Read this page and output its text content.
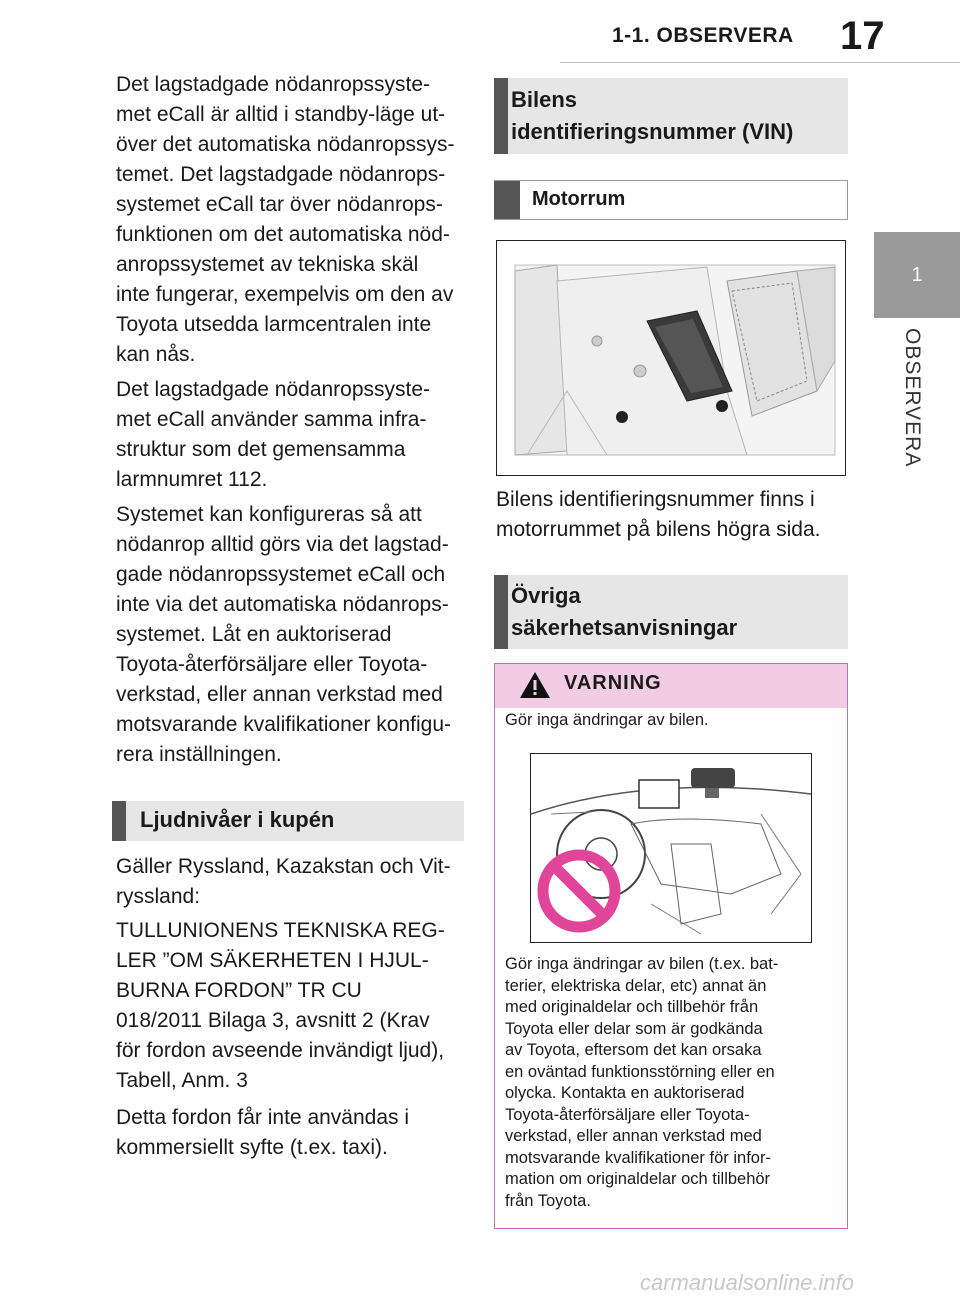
1-1. OBSERVERA 17
1
OBSERVERA
Det lagstadgade nödanropssyste-
met eCall är alltid i standby-läge ut-
över det automatiska nödanropssys-
temet. Det lagstadgade nödanrops-
systemet eCall tar över nödanrops-
funktionen om det automatiska nöd-
anropssystemet av tekniska skäl
inte fungerar, exempelvis om den av
Toyota utsedda larmcentralen inte
kan nås.
Det lagstadgade nödanropssyste-
met eCall använder samma infra-
struktur som det gemensamma
larmnumret 112.
Systemet kan konfigureras så att
nödanrop alltid görs via det lagstad-
gade nödanropssystemet eCall och
inte via det automatiska nödanrops-
systemet. Låt en auktoriserad
Toyota-återförsäljare eller Toyota-
verkstad, eller annan verkstad med
motsvarande kvalifikationer konfigu-
rera inställningen.
Ljudnivåer i kupén
Gäller Ryssland, Kazakstan och Vit-
ryssland:
TULLUNIONENS TEKNISKA REG-
LER ”OM SÄKERHETEN I HJUL-
BURNA FORDON” TR CU
018/2011 Bilaga 3, avsnitt 2 (Krav
för fordon avseende invändigt ljud),
Tabell, Anm. 3
Detta fordon får inte användas i
kommersiellt syfte (t.ex. taxi).
Bilens
identifieringsnummer (VIN)
Motorrum
Bilens identifieringsnummer finns i
motorrummet på bilens högra sida.
Övriga
säkerhetsanvisningar
VARNING
Gör inga ändringar av bilen.
Gör inga ändringar av bilen (t.ex. bat-
terier, elektriska delar, etc) annat än
med originaldelar och tillbehör från
Toyota eller delar som är godkända
av Toyota, eftersom det kan orsaka
en oväntad funktionsstörning eller en
olycka. Kontakta en auktoriserad
Toyota-återförsäljare eller Toyota-
verkstad, eller annan verkstad med
motsvarande kvalifikationer för infor-
mation om originaldelar och tillbehör
från Toyota.
carmanualsonline.info
